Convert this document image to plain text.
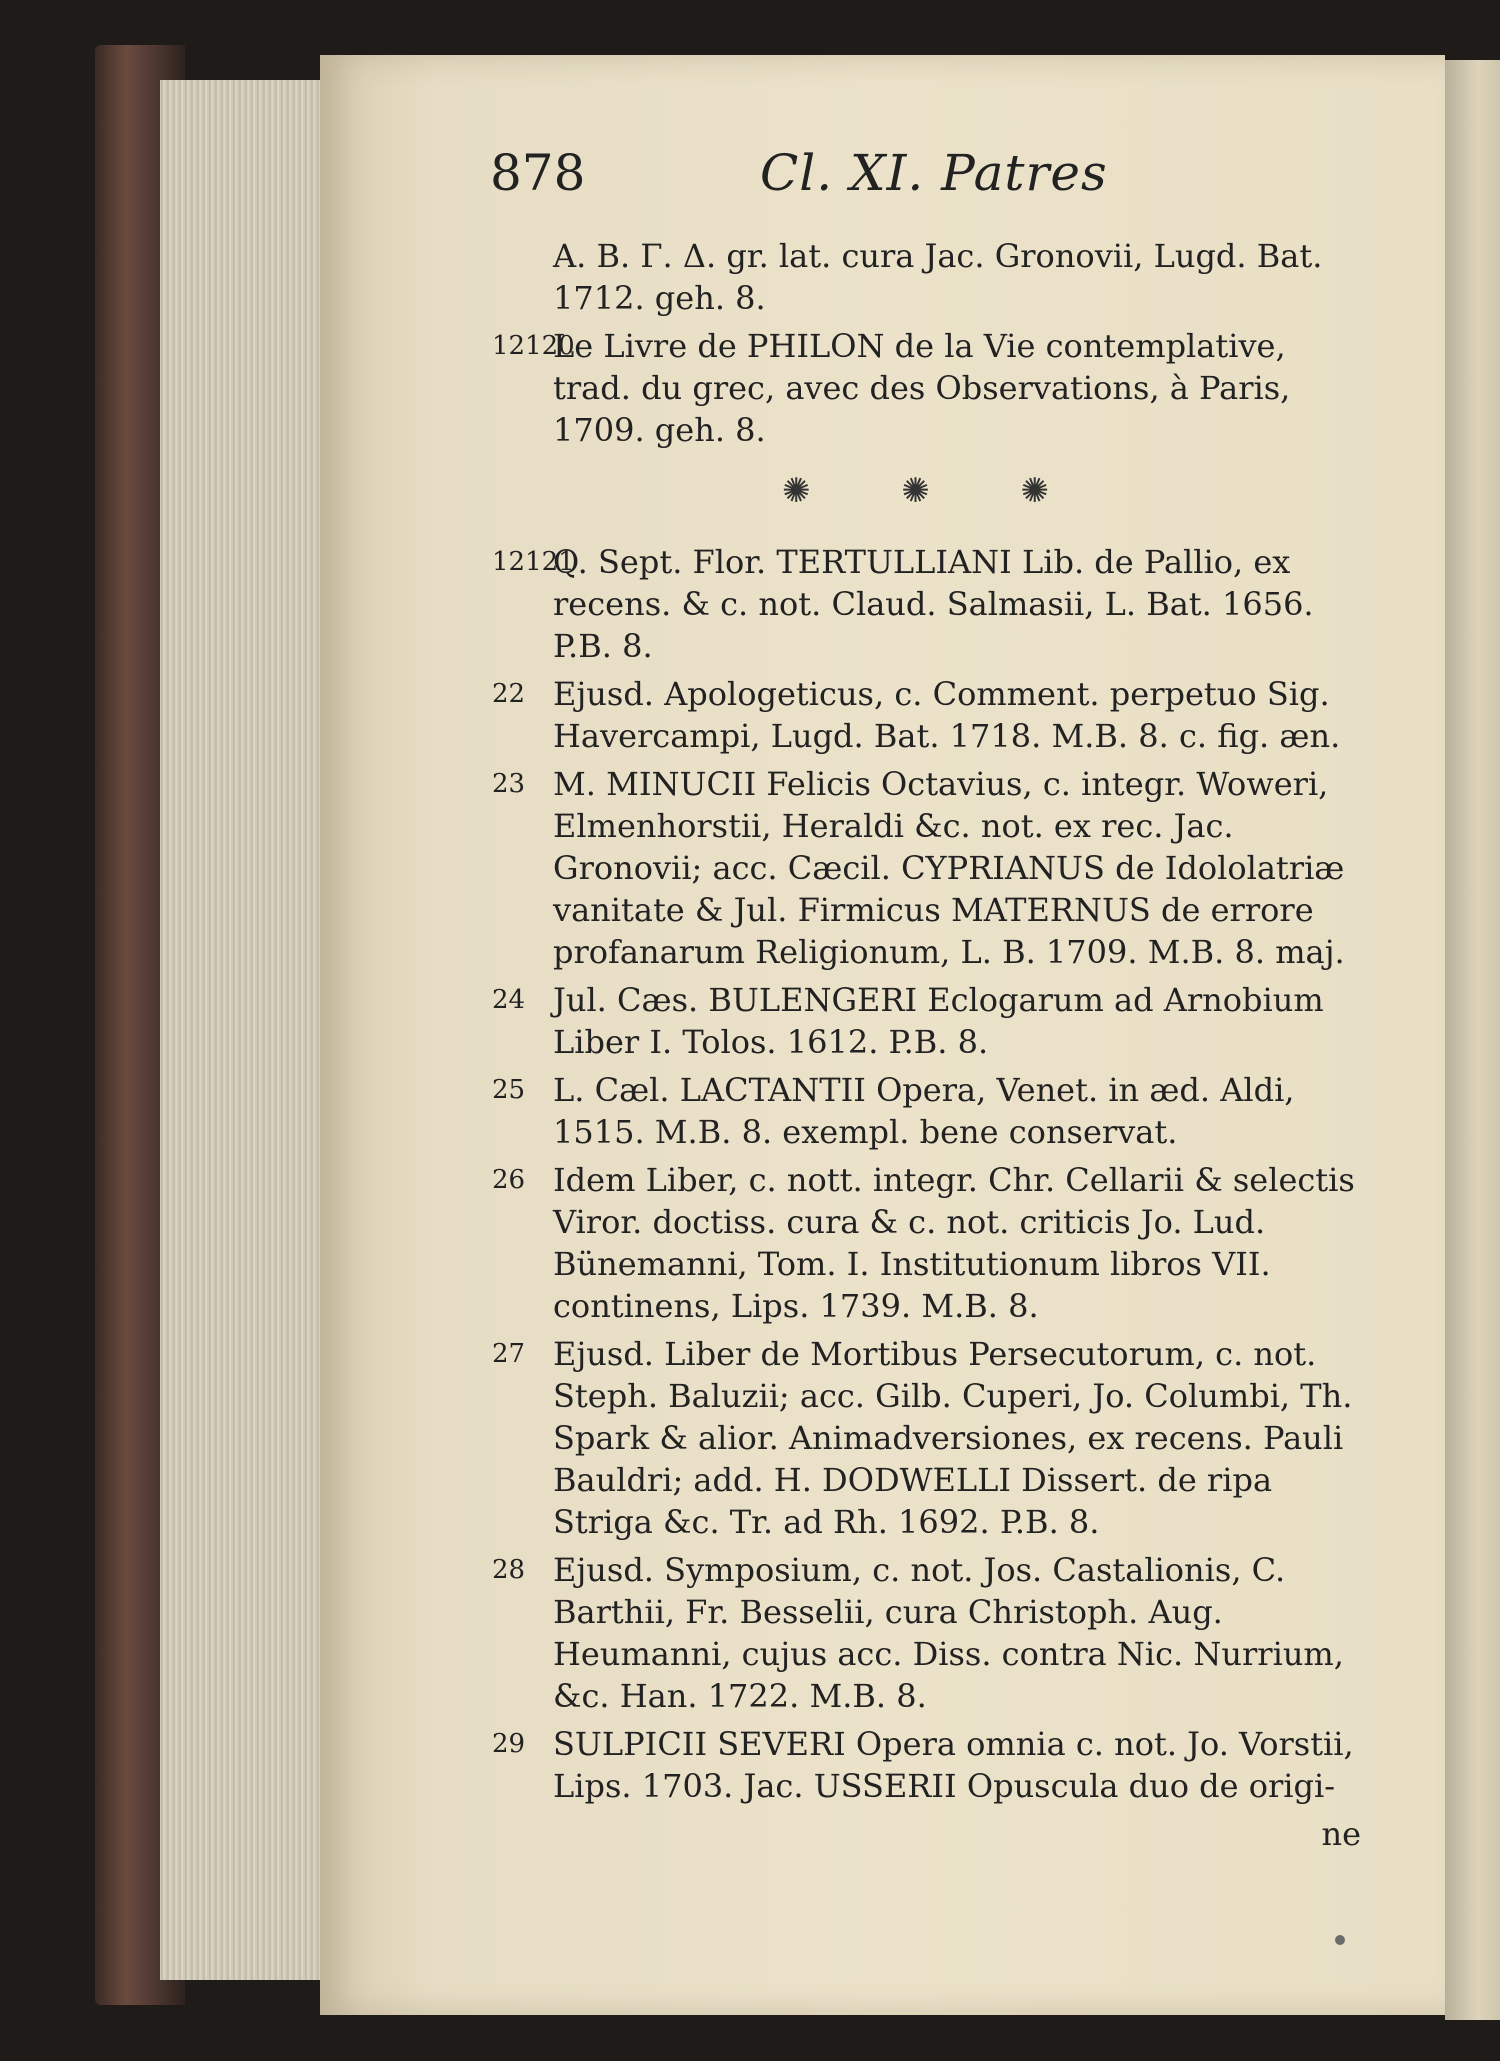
878	Cl. XI. Patres
A. B. Γ. Δ. gr. lat. cura Jac. Gronovii, Lugd. Bat. 1712. geh. 8.
12120
Le Livre de PHILON de la Vie contemplative, trad. du grec, avec des Observations, à Paris, 1709. geh. 8.
✺ ✺ ✺
12121
Q. Sept. Flor. TERTULLIANI Lib. de Pallio, ex recens. & c. not. Claud. Salmasii, L. Bat. 1656. P.B. 8.
22 Ejusd. Apologeticus, c. Comment. perpetuo Sig. Havercampi, Lugd. Bat. 1718. M.B. 8. c. fig. æn.
23 M. MINUCII Felicis Octavius, c. integr. Woweri, Elmenhorstii, Heraldi &c. not. ex rec. Jac. Gronovii; acc. Cæcil. CYPRIANUS de Idololatriæ vanitate & Jul. Firmicus MATERNUS de errore profanarum Religionum, L. B. 1709. M.B. 8. maj.
24 Jul. Cæs. BULENGERI Eclogarum ad Arnobium Liber I. Tolos. 1612. P.B. 8.
25 L. Cæl. LACTANTII Opera, Venet. in æd. Aldi, 1515. M.B. 8. exempl. bene conservat.
26 Idem Liber, c. nott. integr. Chr. Cellarii & selectis Viror. doctiss. cura & c. not. criticis Jo. Lud. Bünemanni, Tom. I. Institutionum libros VII. continens, Lips. 1739. M.B. 8.
27 Ejusd. Liber de Mortibus Persecutorum, c. not. Steph. Baluzii; acc. Gilb. Cuperi, Jo. Columbi, Th. Spark & alior. Animadversiones, ex recens. Pauli Bauldri; add. H. DODWELLI Dissert. de ripa Striga &c. Tr. ad Rh. 1692. P.B. 8.
28 Ejusd. Symposium, c. not. Jos. Castalionis, C. Barthii, Fr. Besselii, cura Christoph. Aug. Heumanni, cujus acc. Diss. contra Nic. Nurrium, &c. Han. 1722. M.B. 8.
29 SULPICII SEVERI Opera omnia c. not. Jo. Vorstii, Lips. 1703. Jac. USSERII Opuscula duo de origi-
ne
